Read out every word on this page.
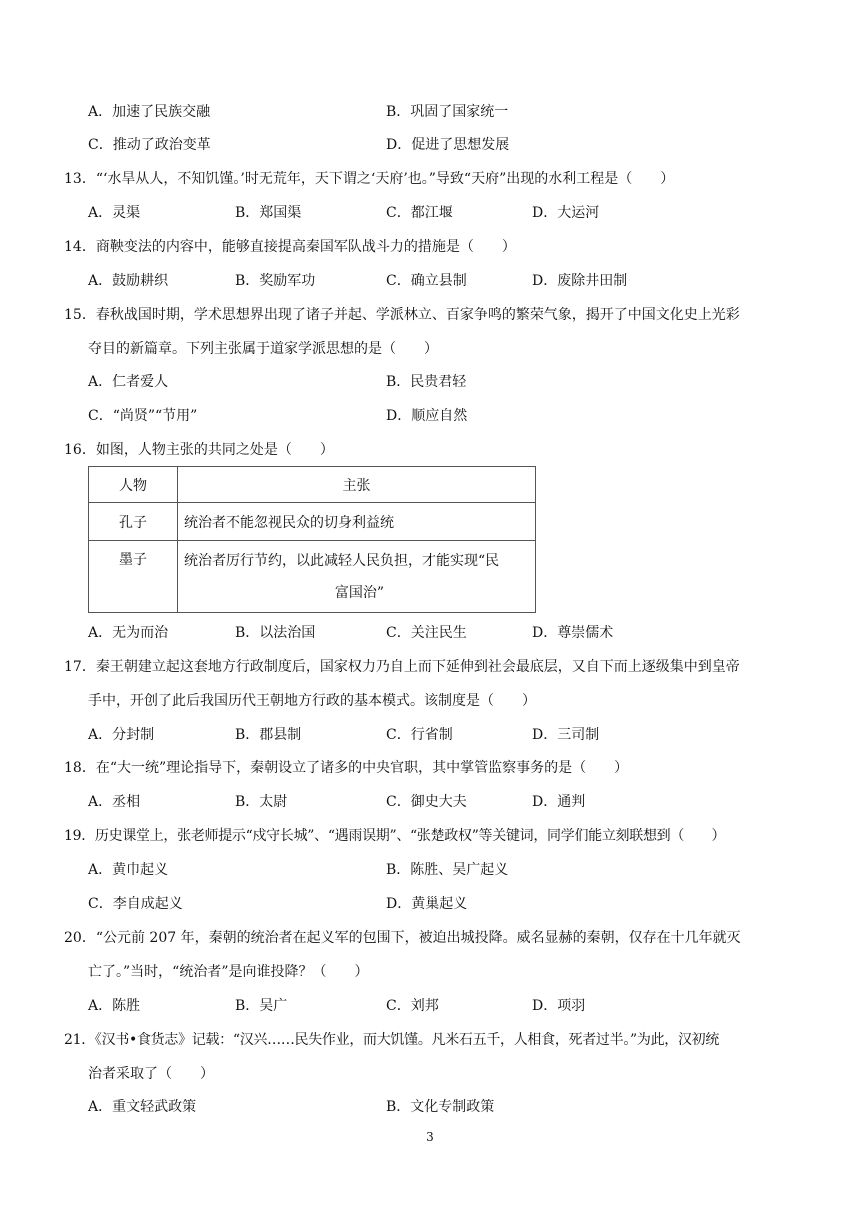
A．加速了民族交融	B．巩固了国家统一
C．推动了政治变革	D．促进了思想发展
13．“‘水旱从人，不知饥馑。’时无荒年，天下谓之‘天府’也。”导致“天府”出现的水利工程是（　　）
A．灵渠	B．郑国渠	C．都江堰	D．大运河
14．商鞅变法的内容中，能够直接提高秦国军队战斗力的措施是（　　）
A．鼓励耕织	B．奖励军功	C．确立县制	D．废除井田制
15．春秋战国时期，学术思想界出现了诸子并起、学派林立、百家争鸣的繁荣气象，揭开了中国文化史上光彩
夺目的新篇章。下列主张属于道家学派思想的是（　　）
A．仁者爱人	B．民贵君轻
C．“尚贤”“节用”	D．顺应自然
16．如图，人物主张的共同之处是（　　）
人物	主张
孔子	统治者不能忽视民众的切身利益统
墨子	统治者厉行节约，以此减轻人民负担，才能实现“民
富国治”
A．无为而治	B．以法治国	C．关注民生	D．尊崇儒术
17．秦王朝建立起这套地方行政制度后，国家权力乃自上而下延伸到社会最底层，又自下而上逐级集中到皇帝
手中，开创了此后我国历代王朝地方行政的基本模式。该制度是（　　）
A．分封制	B．郡县制	C．行省制	D．三司制
18．在“大一统”理论指导下，秦朝设立了诸多的中央官职，其中掌管监察事务的是（　　）
A．丞相	B．太尉	C．御史大夫	D．通判
19．历史课堂上，张老师提示“戍守长城”、“遇雨误期”、“张楚政权”等关键词，同学们能立刻联想到（　　）
A．黄巾起义	B．陈胜、吴广起义
C．李自成起义	D．黄巢起义
20．“公元前 207 年，秦朝的统治者在起义军的包围下，被迫出城投降。威名显赫的秦朝，仅存在十几年就灭
亡了。”当时，“统治者”是向谁投降？（　　）
A．陈胜	B．吴广	C．刘邦	D．项羽
21．《汉书•食货志》记载：“汉兴……民失作业，而大饥馑。凡米石五千，人相食，死者过半。”为此，汉初统
治者采取了（　　）
A．重文轻武政策	B．文化专制政策
3
